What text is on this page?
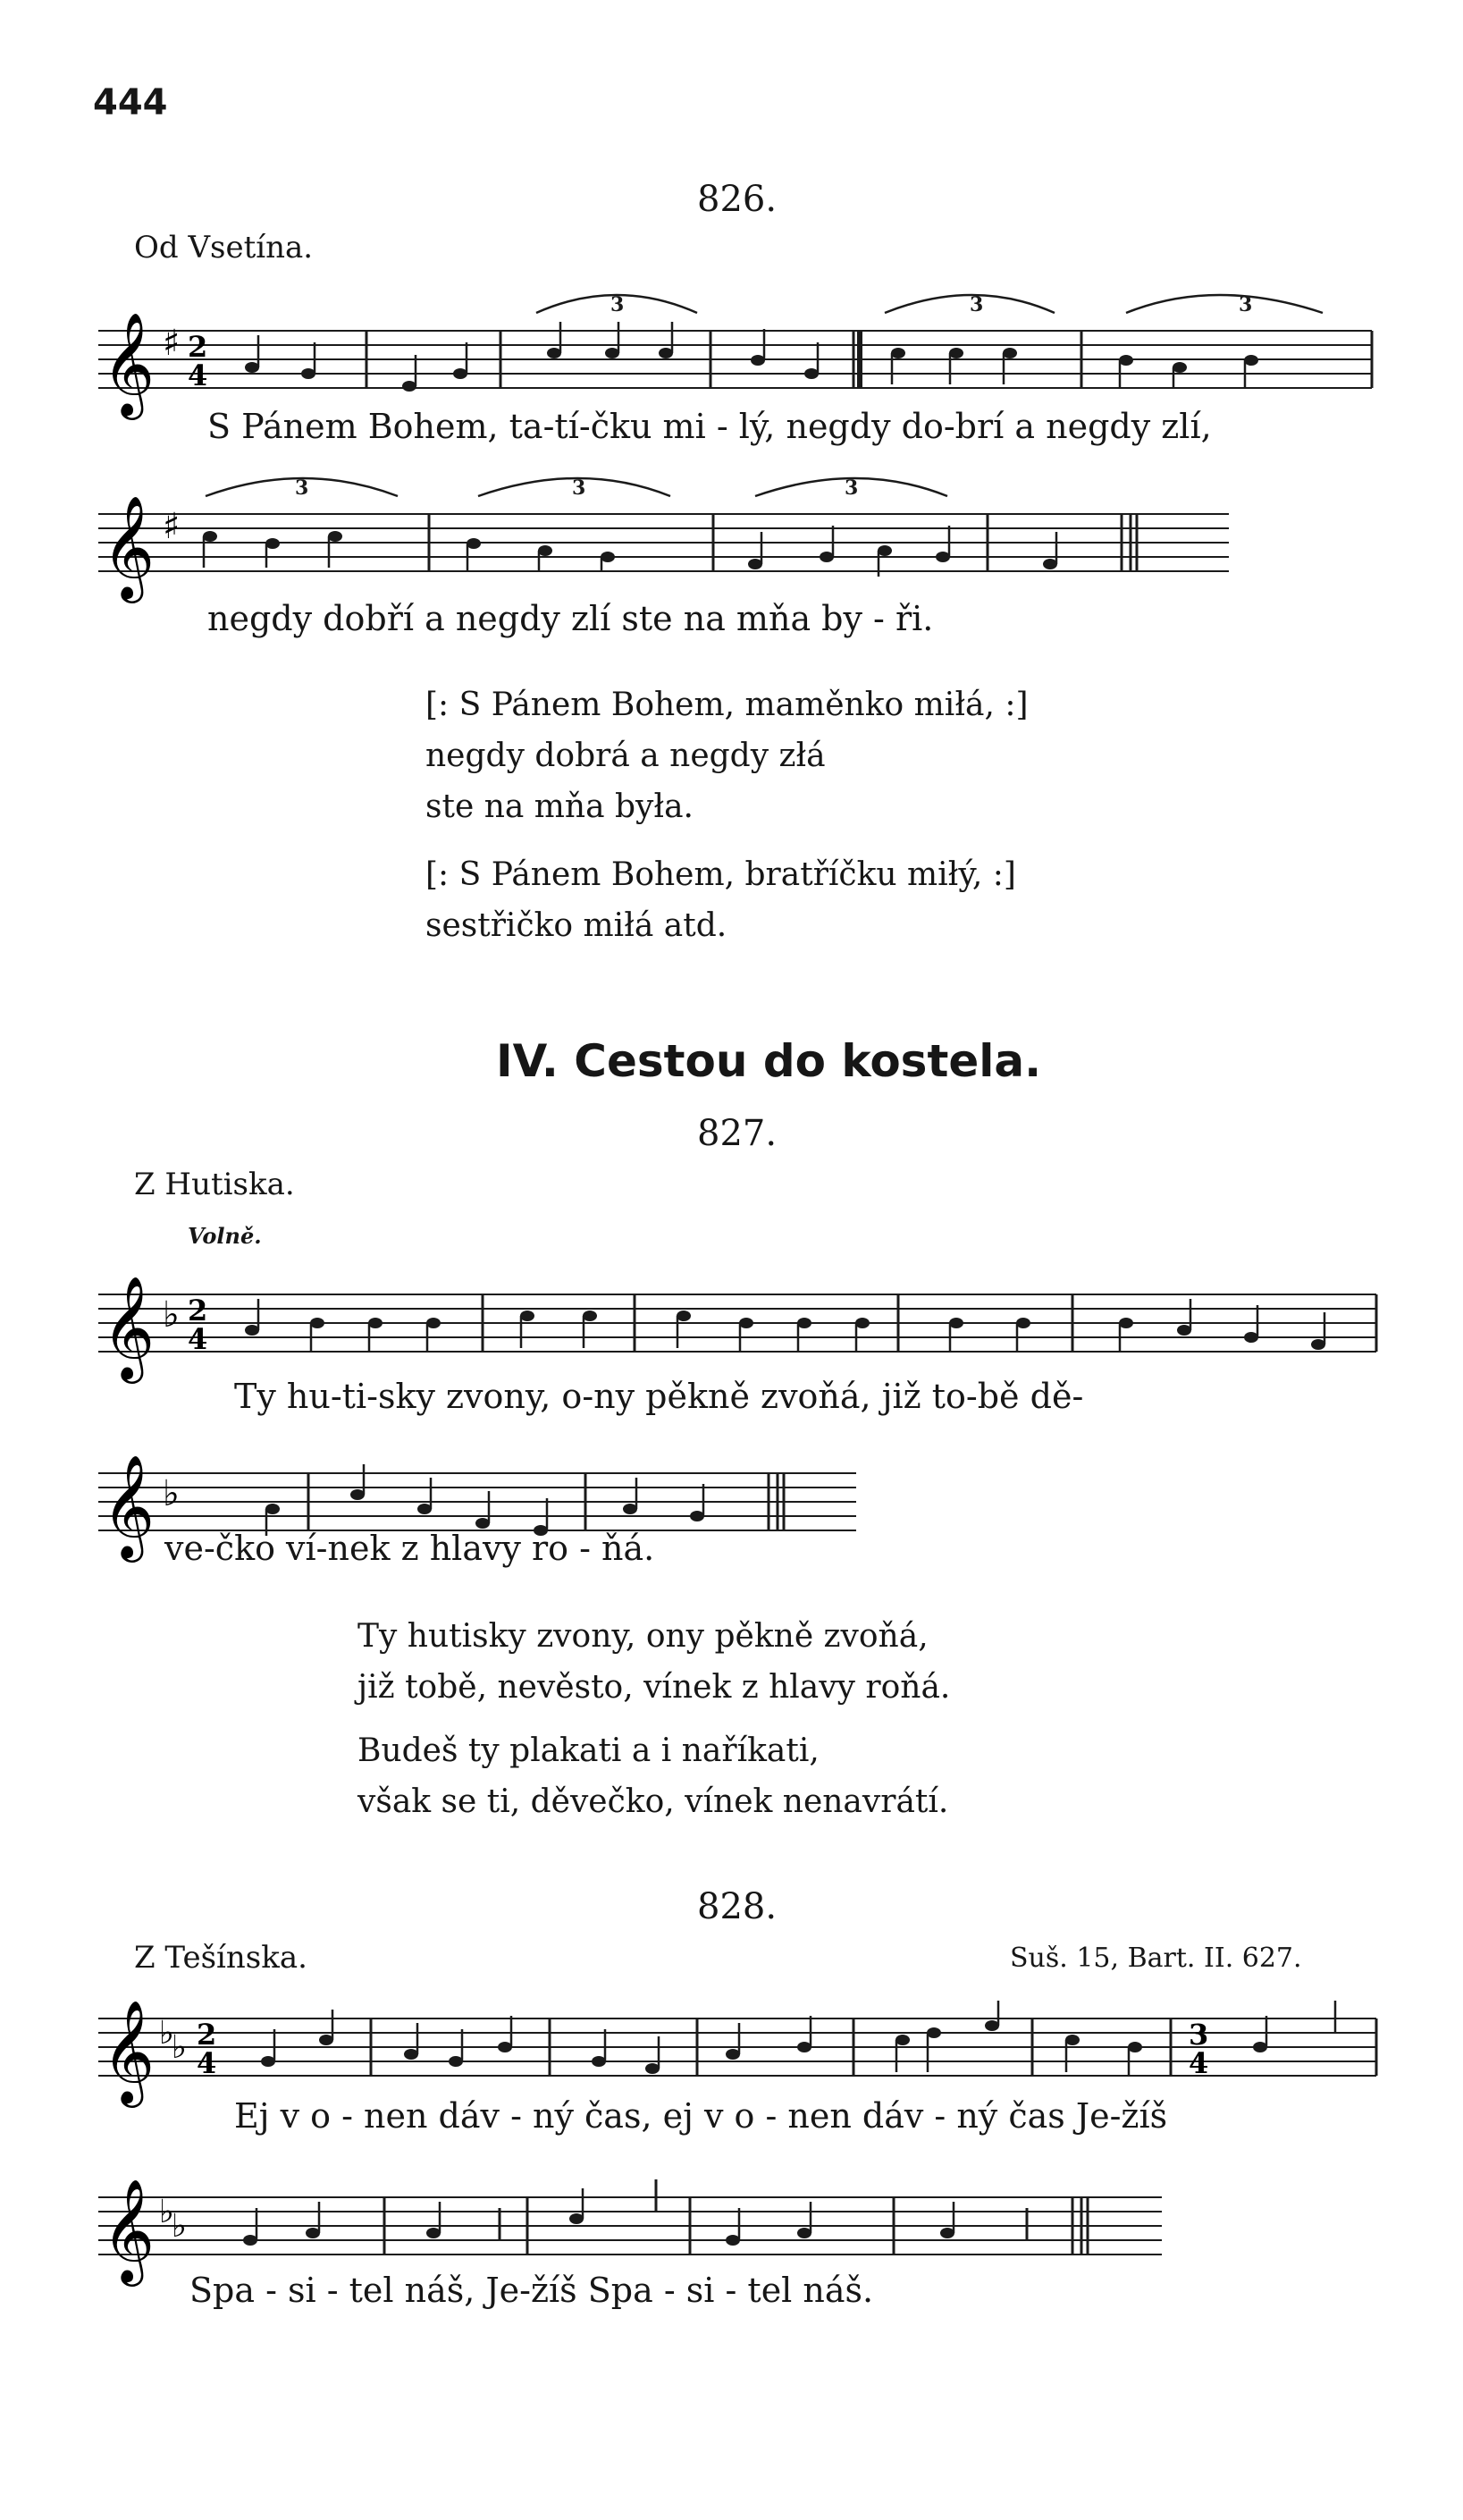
444
826.
Od Vsetína.
𝄞 ♯ 2
4
3	3	3
S Pánem Bohem, ta-tí-čku mi - lý, negdy do-brí a negdy zlí,
𝄞 ♯
3	3	3
negdy dobří a negdy zlí ste na mňa by - ři.
[: S Pánem Bohem, maměnko miłá, :]
negdy dobrá a negdy złá
ste na mňa była.
[: S Pánem Bohem, bratříčku miłý, :]
sestřičko miłá atd.
IV. Cestou do kostela.
827.
Z Hutiska.
Volně.
𝄞 ♭ 2
4
Ty hu-ti-sky zvony, o-ny pěkně zvoňá, již to-bě dě-
𝄞 ♭
ve-čko ví-nek z hlavy ro - ňá.
Ty hutisky zvony, ony pěkně zvoňá,
již tobě, nevěsto, vínek z hlavy roňá.
Budeš ty plakati a i naříkati,
však se ti, děvečko, vínek nenavrátí.
828.
Z Tešínska.	Suš. 15, Bart. II. 627.
𝄞 ♭
♭ 2
4
3
4
Ej v o - nen dáv - ný čas, ej v o - nen dáv - ný čas Je-žíš
𝄞 ♭
♭
Spa - si - tel náš, Je-žíš Spa - si - tel náš.
